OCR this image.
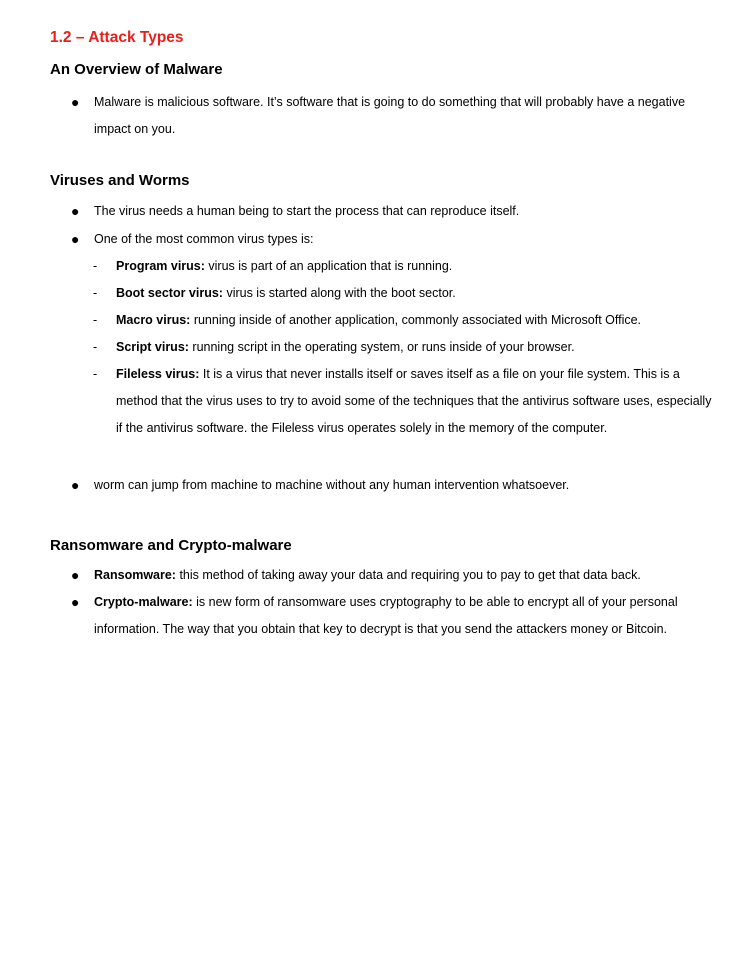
1.2 – Attack Types
An Overview of Malware
● Malware is malicious software. It’s software that is going to do something that will probably have a negative impact on you.
Viruses and Worms
● The virus needs a human being to start the process that can reproduce itself.
● One of the most common virus types is:
- Program virus: virus is part of an application that is running.
- Boot sector virus: virus is started along with the boot sector.
- Macro virus: running inside of another application, commonly associated with Microsoft Office.
- Script virus: running script in the operating system, or runs inside of your browser.
- Fileless virus: It is a virus that never installs itself or saves itself as a file on your file system. This is a method that the virus uses to try to avoid some of the techniques that the antivirus software uses, especially if the antivirus software. the Fileless virus operates solely in the memory of the computer.
● worm can jump from machine to machine without any human intervention whatsoever.
Ransomware and Crypto-malware
● Ransomware: this method of taking away your data and requiring you to pay to get that data back.
● Crypto-malware: is new form of ransomware uses cryptography to be able to encrypt all of your personal information. The way that you obtain that key to decrypt is that you send the attackers money or Bitcoin.
